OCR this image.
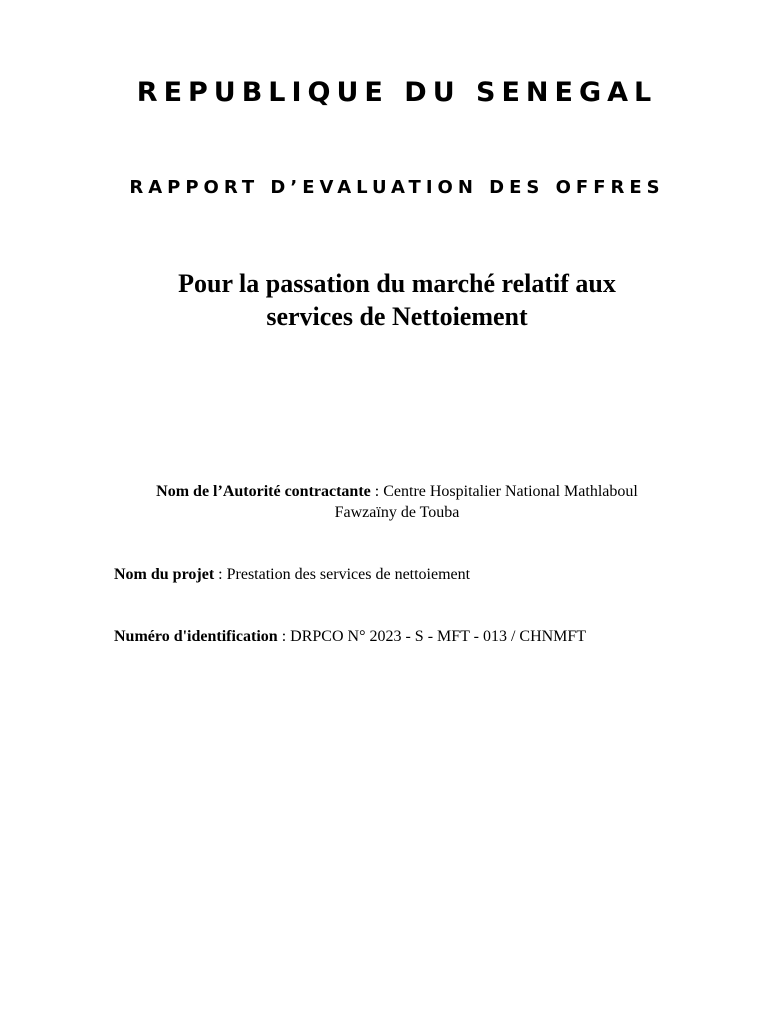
REPUBLIQUE DU SENEGAL
RAPPORT D’EVALUATION DES OFFRES
Pour la passation du marché relatif aux
services de Nettoiement
Nom de l’Autorité contractante : Centre Hospitalier National Mathlaboul
Fawzaïny de Touba
Nom du projet : Prestation des services de nettoiement
Numéro d'identification : DRPCO N° 2023 - S - MFT - 013 / CHNMFT
